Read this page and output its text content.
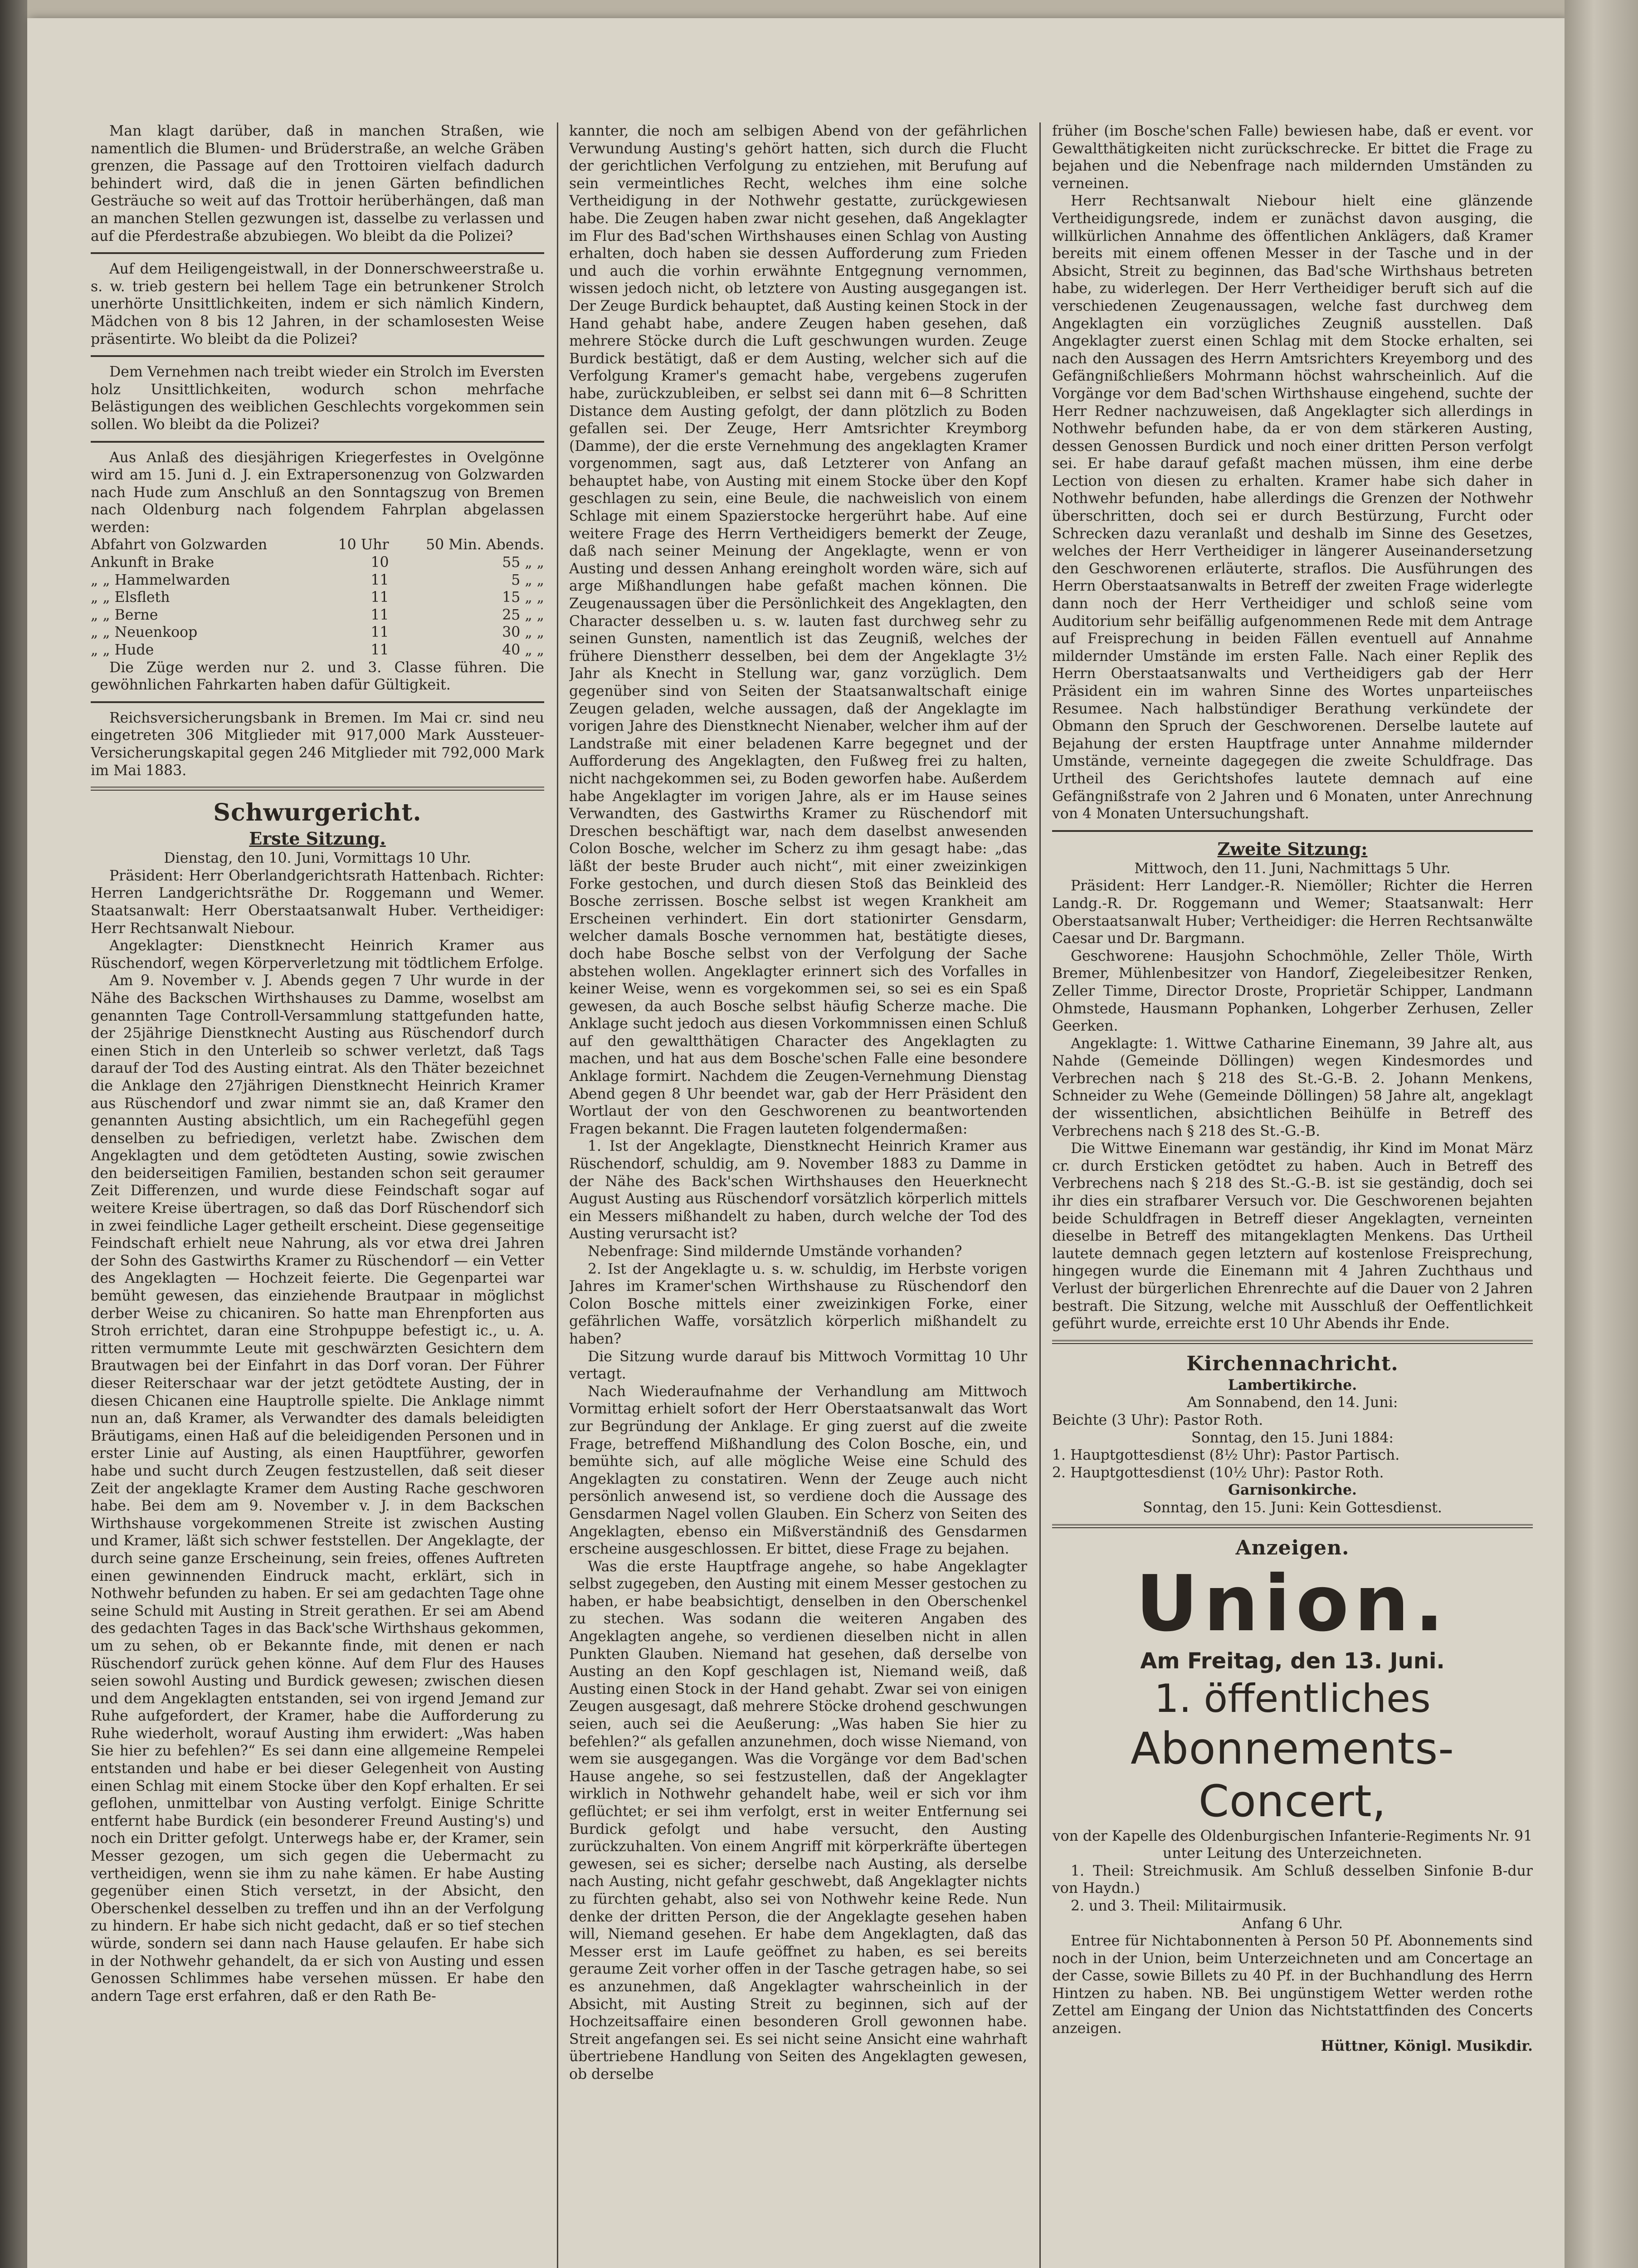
Man klagt darüber, daß in manchen Straßen, wie namentlich die Blumen- und Brüderstraße, an welche Gräben grenzen, die Passage auf den Trottoiren vielfach dadurch behindert wird, daß die in jenen Gärten befindlichen Gesträuche so weit auf das Trottoir herüberhängen, daß man an manchen Stellen gezwungen ist, dasselbe zu verlassen und auf die Pferdestraße abzubiegen. Wo bleibt da die Polizei?

Auf dem Heiligengeistwall, in der Donnerschweerstraße u. s. w. trieb gestern bei hellem Tage ein betrunkener Strolch unerhörte Unsittlichkeiten, indem er sich nämlich Kindern, Mädchen von 8 bis 12 Jahren, in der schamlosesten Weise präsentirte. Wo bleibt da die Polizei?

Dem Vernehmen nach treibt wieder ein Strolch im Eversten holz Unsittlichkeiten, wodurch schon mehrfache Belästigungen des weiblichen Geschlechts vorgekommen sein sollen. Wo bleibt da die Polizei?

Aus Anlaß des diesjährigen Kriegerfestes in Ovelgönne wird am 15. Juni d. J. ein Extrapersonenzug von Golzwarden nach Hude zum Anschluß an den Sonntagszug von Bremen nach Oldenburg nach folgendem Fahrplan abgelassen werden:

Abfahrt von Golzwarden	10 Uhr	50 Min. Abends.
Ankunft in Brake	10	55 „ „
„ „ Hammelwarden	11	5 „ „
„ „ Elsfleth	11	15 „ „
„ „ Berne	11	25 „ „
„ „ Neuenkoop	11	30 „ „
„ „ Hude	11	40 „ „

Die Züge werden nur 2. und 3. Classe führen. Die gewöhnlichen Fahrkarten haben dafür Gültigkeit.

Reichsversicherungsbank in Bremen. Im Mai cr. sind neu eingetreten 306 Mitglieder mit 917,000 Mark Aussteuer-Versicherungskapital gegen 246 Mitglieder mit 792,000 Mark im Mai 1883.

Schwurgericht.
Erste Sitzung.

Dienstag, den 10. Juni, Vormittags 10 Uhr.

Präsident: Herr Oberlandgerichtsrath Hattenbach. Richter: Herren Landgerichtsräthe Dr. Roggemann und Wemer. Staatsanwalt: Herr Oberstaatsanwalt Huber. Vertheidiger: Herr Rechtsanwalt Niebour.

Angeklagter: Dienstknecht Heinrich Kramer aus Rüschendorf, wegen Körperverletzung mit tödtlichem Erfolge.

Am 9. November v. J. Abends gegen 7 Uhr wurde in der Nähe des Backschen Wirthshauses zu Damme, woselbst am genannten Tage Controll-Versammlung stattgefunden hatte, der 25jährige Dienstknecht Austing aus Rüschendorf durch einen Stich in den Unterleib so schwer verletzt, daß Tags darauf der Tod des Austing eintrat. Als den Thäter bezeichnet die Anklage den 27jährigen Dienstknecht Heinrich Kramer aus Rüschendorf und zwar nimmt sie an, daß Kramer den genannten Austing absichtlich, um ein Rachegefühl gegen denselben zu befriedigen, verletzt habe. Zwischen dem Angeklagten und dem getödteten Austing, sowie zwischen den beiderseitigen Familien, bestanden schon seit geraumer Zeit Differenzen, und wurde diese Feindschaft sogar auf weitere Kreise übertragen, so daß das Dorf Rüschendorf sich in zwei feindliche Lager getheilt erscheint. Diese gegenseitige Feindschaft erhielt neue Nahrung, als vor etwa drei Jahren der Sohn des Gastwirths Kramer zu Rüschendorf — ein Vetter des Angeklagten — Hochzeit feierte. Die Gegenpartei war bemüht gewesen, das einziehende Brautpaar in möglichst derber Weise zu chicaniren. So hatte man Ehrenpforten aus Stroh errichtet, daran eine Strohpuppe befestigt ic., u. A. ritten vermummte Leute mit geschwärzten Gesichtern dem Brautwagen bei der Einfahrt in das Dorf voran. Der Führer dieser Reiterschaar war der jetzt getödtete Austing, der in diesen Chicanen eine Hauptrolle spielte. Die Anklage nimmt nun an, daß Kramer, als Verwandter des damals beleidigten Bräutigams, einen Haß auf die beleidigenden Personen und in erster Linie auf Austing, als einen Hauptführer, geworfen habe und sucht durch Zeugen festzustellen, daß seit dieser Zeit der angeklagte Kramer dem Austing Rache geschworen habe. Bei dem am 9. November v. J. in dem Backschen Wirthshause vorgekommenen Streite ist zwischen Austing und Kramer, läßt sich schwer feststellen. Der Angeklagte, der durch seine ganze Erscheinung, sein freies, offenes Auftreten einen gewinnenden Eindruck macht, erklärt, sich in Nothwehr befunden zu haben. Er sei am gedachten Tage ohne seine Schuld mit Austing in Streit gerathen. Er sei am Abend des gedachten Tages in das Back'sche Wirthshaus gekommen, um zu sehen, ob er Bekannte finde, mit denen er nach Rüschendorf zurück gehen könne. Auf dem Flur des Hauses seien sowohl Austing und Burdick gewesen; zwischen diesen und dem Angeklagten entstanden, sei von irgend Jemand zur Ruhe aufgefordert, der Kramer, habe die Aufforderung zu Ruhe wiederholt, worauf Austing ihm erwidert: „Was haben Sie hier zu befehlen?“ Es sei dann eine allgemeine Rempelei entstanden und habe er bei dieser Gelegenheit von Austing einen Schlag mit einem Stocke über den Kopf erhalten. Er sei geflohen, unmittelbar von Austing verfolgt. Einige Schritte entfernt habe Burdick (ein besonderer Freund Austing's) und noch ein Dritter gefolgt. Unterwegs habe er, der Kramer, sein Messer gezogen, um sich gegen die Uebermacht zu vertheidigen, wenn sie ihm zu nahe kämen. Er habe Austing gegenüber einen Stich versetzt, in der Absicht, den Oberschenkel desselben zu treffen und ihn an der Verfolgung zu hindern. Er habe sich nicht gedacht, daß er so tief stechen würde, sondern sei dann nach Hause gelaufen. Er habe sich in der Nothwehr gehandelt, da er sich von Austing und essen Genossen Schlimmes habe versehen müssen. Er habe den andern Tage erst erfahren, daß er den Rath Be-

kannter, die noch am selbigen Abend von der gefährlichen Verwundung Austing's gehört hatten, sich durch die Flucht der gerichtlichen Verfolgung zu entziehen, mit Berufung auf sein vermeintliches Recht, welches ihm eine solche Vertheidigung in der Nothwehr gestatte, zurückgewiesen habe. Die Zeugen haben zwar nicht gesehen, daß Angeklagter im Flur des Bad'schen Wirthshauses einen Schlag von Austing erhalten, doch haben sie dessen Aufforderung zum Frieden und auch die vorhin erwähnte Entgegnung vernommen, wissen jedoch nicht, ob letztere von Austing ausgegangen ist. Der Zeuge Burdick behauptet, daß Austing keinen Stock in der Hand gehabt habe, andere Zeugen haben gesehen, daß mehrere Stöcke durch die Luft geschwungen wurden. Zeuge Burdick bestätigt, daß er dem Austing, welcher sich auf die Verfolgung Kramer's gemacht habe, vergebens zugerufen habe, zurückzubleiben, er selbst sei dann mit 6—8 Schritten Distance dem Austing gefolgt, der dann plötzlich zu Boden gefallen sei. Der Zeuge, Herr Amtsrichter Kreymborg (Damme), der die erste Vernehmung des angeklagten Kramer vorgenommen, sagt aus, daß Letzterer von Anfang an behauptet habe, von Austing mit einem Stocke über den Kopf geschlagen zu sein, eine Beule, die nachweislich von einem Schlage mit einem Spazierstocke hergerührt habe. Auf eine weitere Frage des Herrn Vertheidigers bemerkt der Zeuge, daß nach seiner Meinung der Angeklagte, wenn er von Austing und dessen Anhang ereingholt worden wäre, sich auf arge Mißhandlungen habe gefaßt machen können. Die Zeugenaussagen über die Persönlichkeit des Angeklagten, den Character desselben u. s. w. lauten fast durchweg sehr zu seinen Gunsten, namentlich ist das Zeugniß, welches der frühere Dienstherr desselben, bei dem der Angeklagte 3½ Jahr als Knecht in Stellung war, ganz vorzüglich. Dem gegenüber sind von Seiten der Staatsanwaltschaft einige Zeugen geladen, welche aussagen, daß der Angeklagte im vorigen Jahre des Dienstknecht Nienaber, welcher ihm auf der Landstraße mit einer beladenen Karre begegnet und der Aufforderung des Angeklagten, den Fußweg frei zu halten, nicht nachgekommen sei, zu Boden geworfen habe. Außerdem habe Angeklagter im vorigen Jahre, als er im Hause seines Verwandten, des Gastwirths Kramer zu Rüschendorf mit Dreschen beschäftigt war, nach dem daselbst anwesenden Colon Bosche, welcher im Scherz zu ihm gesagt habe: „das läßt der beste Bruder auch nicht“, mit einer zweizinkigen Forke gestochen, und durch diesen Stoß das Beinkleid des Bosche zerrissen. Bosche selbst ist wegen Krankheit am Erscheinen verhindert. Ein dort stationirter Gensdarm, welcher damals Bosche vernommen hat, bestätigte dieses, doch habe Bosche selbst von der Verfolgung der Sache abstehen wollen. Angeklagter erinnert sich des Vorfalles in keiner Weise, wenn es vorgekommen sei, so sei es ein Spaß gewesen, da auch Bosche selbst häufig Scherze mache. Die Anklage sucht jedoch aus diesen Vorkommnissen einen Schluß auf den gewaltthätigen Character des Angeklagten zu machen, und hat aus dem Bosche'schen Falle eine besondere Anklage formirt. Nachdem die Zeugen-Vernehmung Dienstag Abend gegen 8 Uhr beendet war, gab der Herr Präsident den Wortlaut der von den Geschworenen zu beantwortenden Fragen bekannt. Die Fragen lauteten folgendermaßen:

1. Ist der Angeklagte, Dienstknecht Heinrich Kramer aus Rüschendorf, schuldig, am 9. November 1883 zu Damme in der Nähe des Back'schen Wirthshauses den Heuerknecht August Austing aus Rüschendorf vorsätzlich körperlich mittels ein Messers mißhandelt zu haben, durch welche der Tod des Austing verursacht ist?

Nebenfrage: Sind mildernde Umstände vorhanden?

2. Ist der Angeklagte u. s. w. schuldig, im Herbste vorigen Jahres im Kramer'schen Wirthshause zu Rüschendorf den Colon Bosche mittels einer zweizinkigen Forke, einer gefährlichen Waffe, vorsätzlich körperlich mißhandelt zu haben?

Die Sitzung wurde darauf bis Mittwoch Vormittag 10 Uhr vertagt.

Nach Wiederaufnahme der Verhandlung am Mittwoch Vormittag erhielt sofort der Herr Oberstaatsanwalt das Wort zur Begründung der Anklage. Er ging zuerst auf die zweite Frage, betreffend Mißhandlung des Colon Bosche, ein, und bemühte sich, auf alle mögliche Weise eine Schuld des Angeklagten zu constatiren. Wenn der Zeuge auch nicht persönlich anwesend ist, so verdiene doch die Aussage des Gensdarmen Nagel vollen Glauben. Ein Scherz von Seiten des Angeklagten, ebenso ein Mißverständniß des Gensdarmen erscheine ausgeschlossen. Er bittet, diese Frage zu bejahen.

Was die erste Hauptfrage angehe, so habe Angeklagter selbst zugegeben, den Austing mit einem Messer gestochen zu haben, er habe beabsichtigt, denselben in den Oberschenkel zu stechen. Was sodann die weiteren Angaben des Angeklagten angehe, so verdienen dieselben nicht in allen Punkten Glauben. Niemand hat gesehen, daß derselbe von Austing an den Kopf geschlagen ist, Niemand weiß, daß Austing einen Stock in der Hand gehabt. Zwar sei von einigen Zeugen ausgesagt, daß mehrere Stöcke drohend geschwungen seien, auch sei die Aeußerung: „Was haben Sie hier zu befehlen?“ als gefallen anzunehmen, doch wisse Niemand, von wem sie ausgegangen. Was die Vorgänge vor dem Bad'schen Hause angehe, so sei festzustellen, daß der Angeklagter wirklich in Nothwehr gehandelt habe, weil er sich vor ihm geflüchtet; er sei ihm verfolgt, erst in weiter Entfernung sei Burdick gefolgt und habe versucht, den Austing zurückzuhalten. Von einem Angriff mit körperkräfte übertegen gewesen, sei es sicher; derselbe nach Austing, als derselbe nach Austing, nicht gefahr geschwebt, daß Angeklagter nichts zu fürchten gehabt, also sei von Nothwehr keine Rede. Nun denke der dritten Person, die der Angeklagte gesehen haben will, Niemand gesehen. Er habe dem Angeklagten, daß das Messer erst im Laufe geöffnet zu haben, es sei bereits geraume Zeit vorher offen in der Tasche getragen habe, so sei es anzunehmen, daß Angeklagter wahrscheinlich in der Absicht, mit Austing Streit zu beginnen, sich auf der Hochzeitsaffaire einen besonderen Groll gewonnen habe. Streit angefangen sei. Es sei nicht seine Ansicht eine wahrhaft übertriebene Handlung von Seiten des Angeklagten gewesen, ob derselbe

früher (im Bosche'schen Falle) bewiesen habe, daß er event. vor Gewaltthätigkeiten nicht zurückschrecke. Er bittet die Frage zu bejahen und die Nebenfrage nach mildernden Umständen zu verneinen.

Herr Rechtsanwalt Niebour hielt eine glänzende Vertheidigungsrede, indem er zunächst davon ausging, die willkürlichen Annahme des öffentlichen Anklägers, daß Kramer bereits mit einem offenen Messer in der Tasche und in der Absicht, Streit zu beginnen, das Bad'sche Wirthshaus betreten habe, zu widerlegen. Der Herr Vertheidiger beruft sich auf die verschiedenen Zeugenaussagen, welche fast durchweg dem Angeklagten ein vorzügliches Zeugniß ausstellen. Daß Angeklagter zuerst einen Schlag mit dem Stocke erhalten, sei nach den Aussagen des Herrn Amtsrichters Kreyemborg und des Gefängnißchließers Mohrmann höchst wahrscheinlich. Auf die Vorgänge vor dem Bad'schen Wirthshause eingehend, suchte der Herr Redner nachzuweisen, daß Angeklagter sich allerdings in Nothwehr befunden habe, da er von dem stärkeren Austing, dessen Genossen Burdick und noch einer dritten Person verfolgt sei. Er habe darauf gefaßt machen müssen, ihm eine derbe Lection von diesen zu erhalten. Kramer habe sich daher in Nothwehr befunden, habe allerdings die Grenzen der Nothwehr überschritten, doch sei er durch Bestürzung, Furcht oder Schrecken dazu veranlaßt und deshalb im Sinne des Gesetzes, welches der Herr Vertheidiger in längerer Auseinandersetzung den Geschworenen erläuterte, straflos. Die Ausführungen des Herrn Oberstaatsanwalts in Betreff der zweiten Frage widerlegte dann noch der Herr Vertheidiger und schloß seine vom Auditorium sehr beifällig aufgenommenen Rede mit dem Antrage auf Freisprechung in beiden Fällen eventuell auf Annahme mildernder Umstände im ersten Falle. Nach einer Replik des Herrn Oberstaatsanwalts und Vertheidigers gab der Herr Präsident ein im wahren Sinne des Wortes unparteiisches Resumee. Nach halbstündiger Berathung verkündete der Obmann den Spruch der Geschworenen. Derselbe lautete auf Bejahung der ersten Hauptfrage unter Annahme mildernder Umstände, verneinte dagegegen die zweite Schuldfrage. Das Urtheil des Gerichtshofes lautete demnach auf eine Gefängnißstrafe von 2 Jahren und 6 Monaten, unter Anrechnung von 4 Monaten Untersuchungshaft.

Zweite Sitzung:

Mittwoch, den 11. Juni, Nachmittags 5 Uhr.

Präsident: Herr Landger.-R. Niemöller; Richter die Herren Landg.-R. Dr. Roggemann und Wemer; Staatsanwalt: Herr Oberstaatsanwalt Huber; Vertheidiger: die Herren Rechtsanwälte Caesar und Dr. Bargmann.

Geschworene: Hausjohn Schochmöhle, Zeller Thöle, Wirth Bremer, Mühlenbesitzer von Handorf, Ziegeleibesitzer Renken, Zeller Timme, Director Droste, Proprietär Schipper, Landmann Ohmstede, Hausmann Pophanken, Lohgerber Zerhusen, Zeller Geerken.

Angeklagte: 1. Wittwe Catharine Einemann, 39 Jahre alt, aus Nahde (Gemeinde Döllingen) wegen Kindesmordes und Verbrechen nach § 218 des St.-G.-B. 2. Johann Menkens, Schneider zu Wehe (Gemeinde Döllingen) 58 Jahre alt, angeklagt der wissentlichen, absichtlichen Beihülfe in Betreff des Verbrechens nach § 218 des St.-G.-B.

Die Wittwe Einemann war geständig, ihr Kind im Monat März cr. durch Ersticken getödtet zu haben. Auch in Betreff des Verbrechens nach § 218 des St.-G.-B. ist sie geständig, doch sei ihr dies ein strafbarer Versuch vor. Die Geschworenen bejahten beide Schuldfragen in Betreff dieser Angeklagten, verneinten dieselbe in Betreff des mitangeklagten Menkens. Das Urtheil lautete demnach gegen letztern auf kostenlose Freisprechung, hingegen wurde die Einemann mit 4 Jahren Zuchthaus und Verlust der bürgerlichen Ehrenrechte auf die Dauer von 2 Jahren bestraft. Die Sitzung, welche mit Ausschluß der Oeffentlichkeit geführt wurde, erreichte erst 10 Uhr Abends ihr Ende.

Kirchennachricht.

Lambertikirche.

Am Sonnabend, den 14. Juni:

Beichte (3 Uhr): Pastor Roth.

Sonntag, den 15. Juni 1884:

1. Hauptgottesdienst (8½ Uhr): Pastor Partisch.

2. Hauptgottesdienst (10½ Uhr): Pastor Roth.

Garnisonkirche.

Sonntag, den 15. Juni: Kein Gottesdienst.

Anzeigen.
Union.
Am Freitag, den 13. Juni.
1. öffentliches
Abonnements-Concert,

von der Kapelle des Oldenburgischen Infanterie-Regiments Nr. 91 unter Leitung des Unterzeichneten.

1. Theil: Streichmusik. Am Schluß desselben Sinfonie B-dur von Haydn.)

2. und 3. Theil: Militairmusik.

Anfang 6 Uhr.

Entree für Nichtabonnenten à Person 50 Pf. Abonnements sind noch in der Union, beim Unterzeichneten und am Concertage an der Casse, sowie Billets zu 40 Pf. in der Buchhandlung des Herrn Hintzen zu haben. NB. Bei ungünstigem Wetter werden rothe Zettel am Eingang der Union das Nichtstattfinden des Concerts anzeigen.

Hüttner, Königl. Musikdir.
